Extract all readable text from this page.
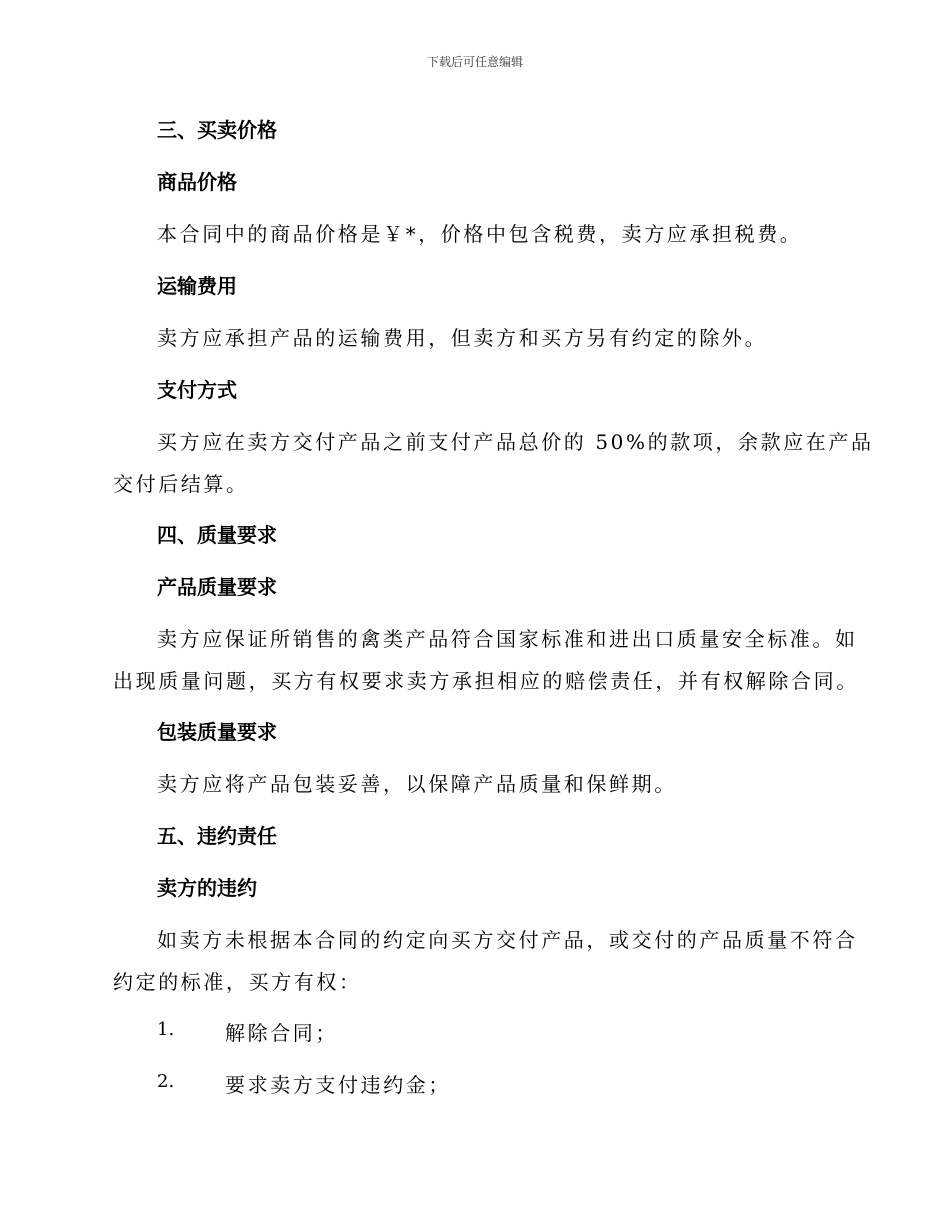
下载后可任意编辑
三、买卖价格
商品价格
本合同中的商品价格是￥*，价格中包含税费，卖方应承担税费。
运输费用
卖方应承担产品的运输费用，但卖方和买方另有约定的除外。
支付方式
买方应在卖方交付产品之前支付产品总价的 50%的款项，余款应在产品
交付后结算。
四、质量要求
产品质量要求
卖方应保证所销售的禽类产品符合国家标准和进出口质量安全标准。如
出现质量问题，买方有权要求卖方承担相应的赔偿责任，并有权解除合同。
包装质量要求
卖方应将产品包装妥善，以保障产品质量和保鲜期。
五、违约责任
卖方的违约
如卖方未根据本合同的约定向买方交付产品，或交付的产品质量不符合
约定的标准，买方有权：
1.	解除合同；
2.	要求卖方支付违约金；
